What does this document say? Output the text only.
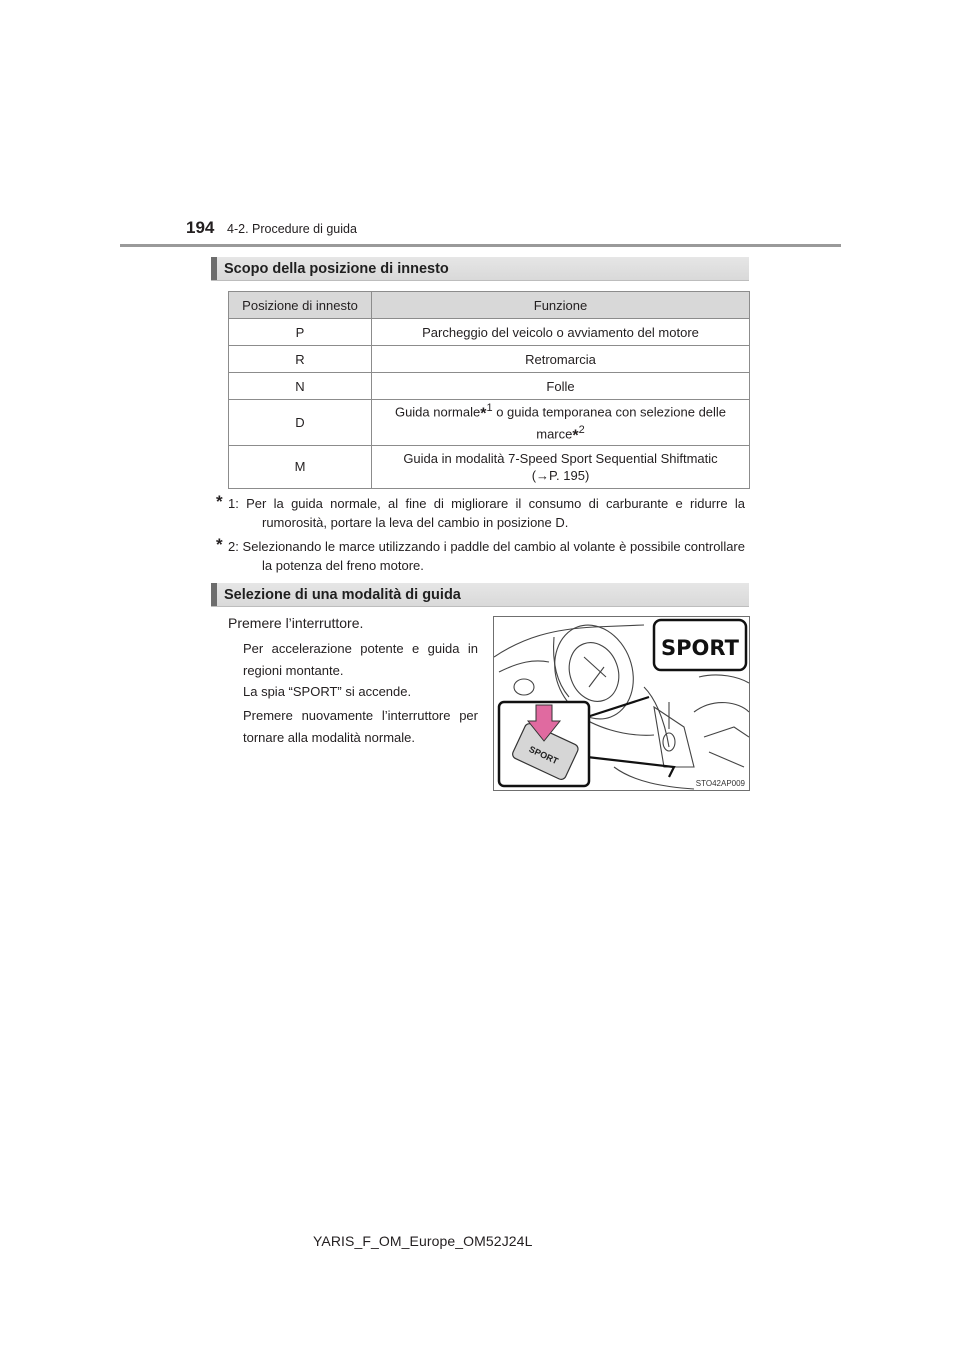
194 4-2. Procedure di guida
Scopo della posizione di innesto
Posizione di innesto	Funzione
P	Parcheggio del veicolo o avviamento del motore
R	Retromarcia
N	Folle
D	Guida normale*$^1$ o guida temporanea con selezione delle
marce*$^2$
M	Guida in modalità 7-Speed Sport Sequential Shiftmatic
(→P. 195)
* 1: Per la guida normale, al fine di migliorare il consumo di carburante e ridurre la rumorosità, portare la leva del cambio in posizione D.
* 2: Selezionando le marce utilizzando i paddle del cambio al volante è possibile controllare la potenza del freno motore.
Selezione di una modalità di guida
Premere l’interruttore.
Per accelerazione potente e guida in regioni montante.
La spia “SPORT” si accende.
Premere nuovamente l’interruttore per tornare alla modalità normale.
SPORT
SPORT
STO42AP009
YARIS_F_OM_Europe_OM52J24L
